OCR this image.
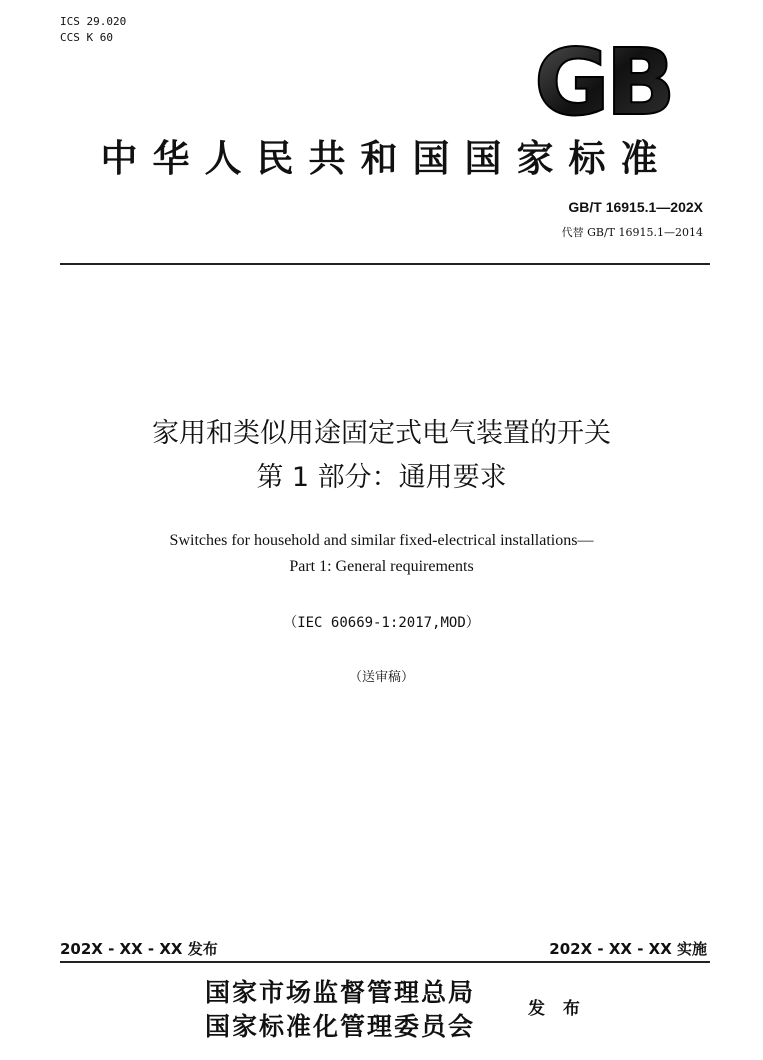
ICS 29.020
CCS K 60	GB
中华人民共和国国家标准
GB/T 16915.1—202X
代替 GB/T 16915.1—2014
家用和类似用途固定式电气装置的开关
第 1 部分：通用要求
Switches for household and similar fixed-electrical installations—
Part 1: General requirements
（IEC 60669-1:2017,MOD）
（送审稿）
202X - XX - XX 发布	202X - XX - XX 实施
国家市场监督管理总局
国家标准化管理委员会
发 布
